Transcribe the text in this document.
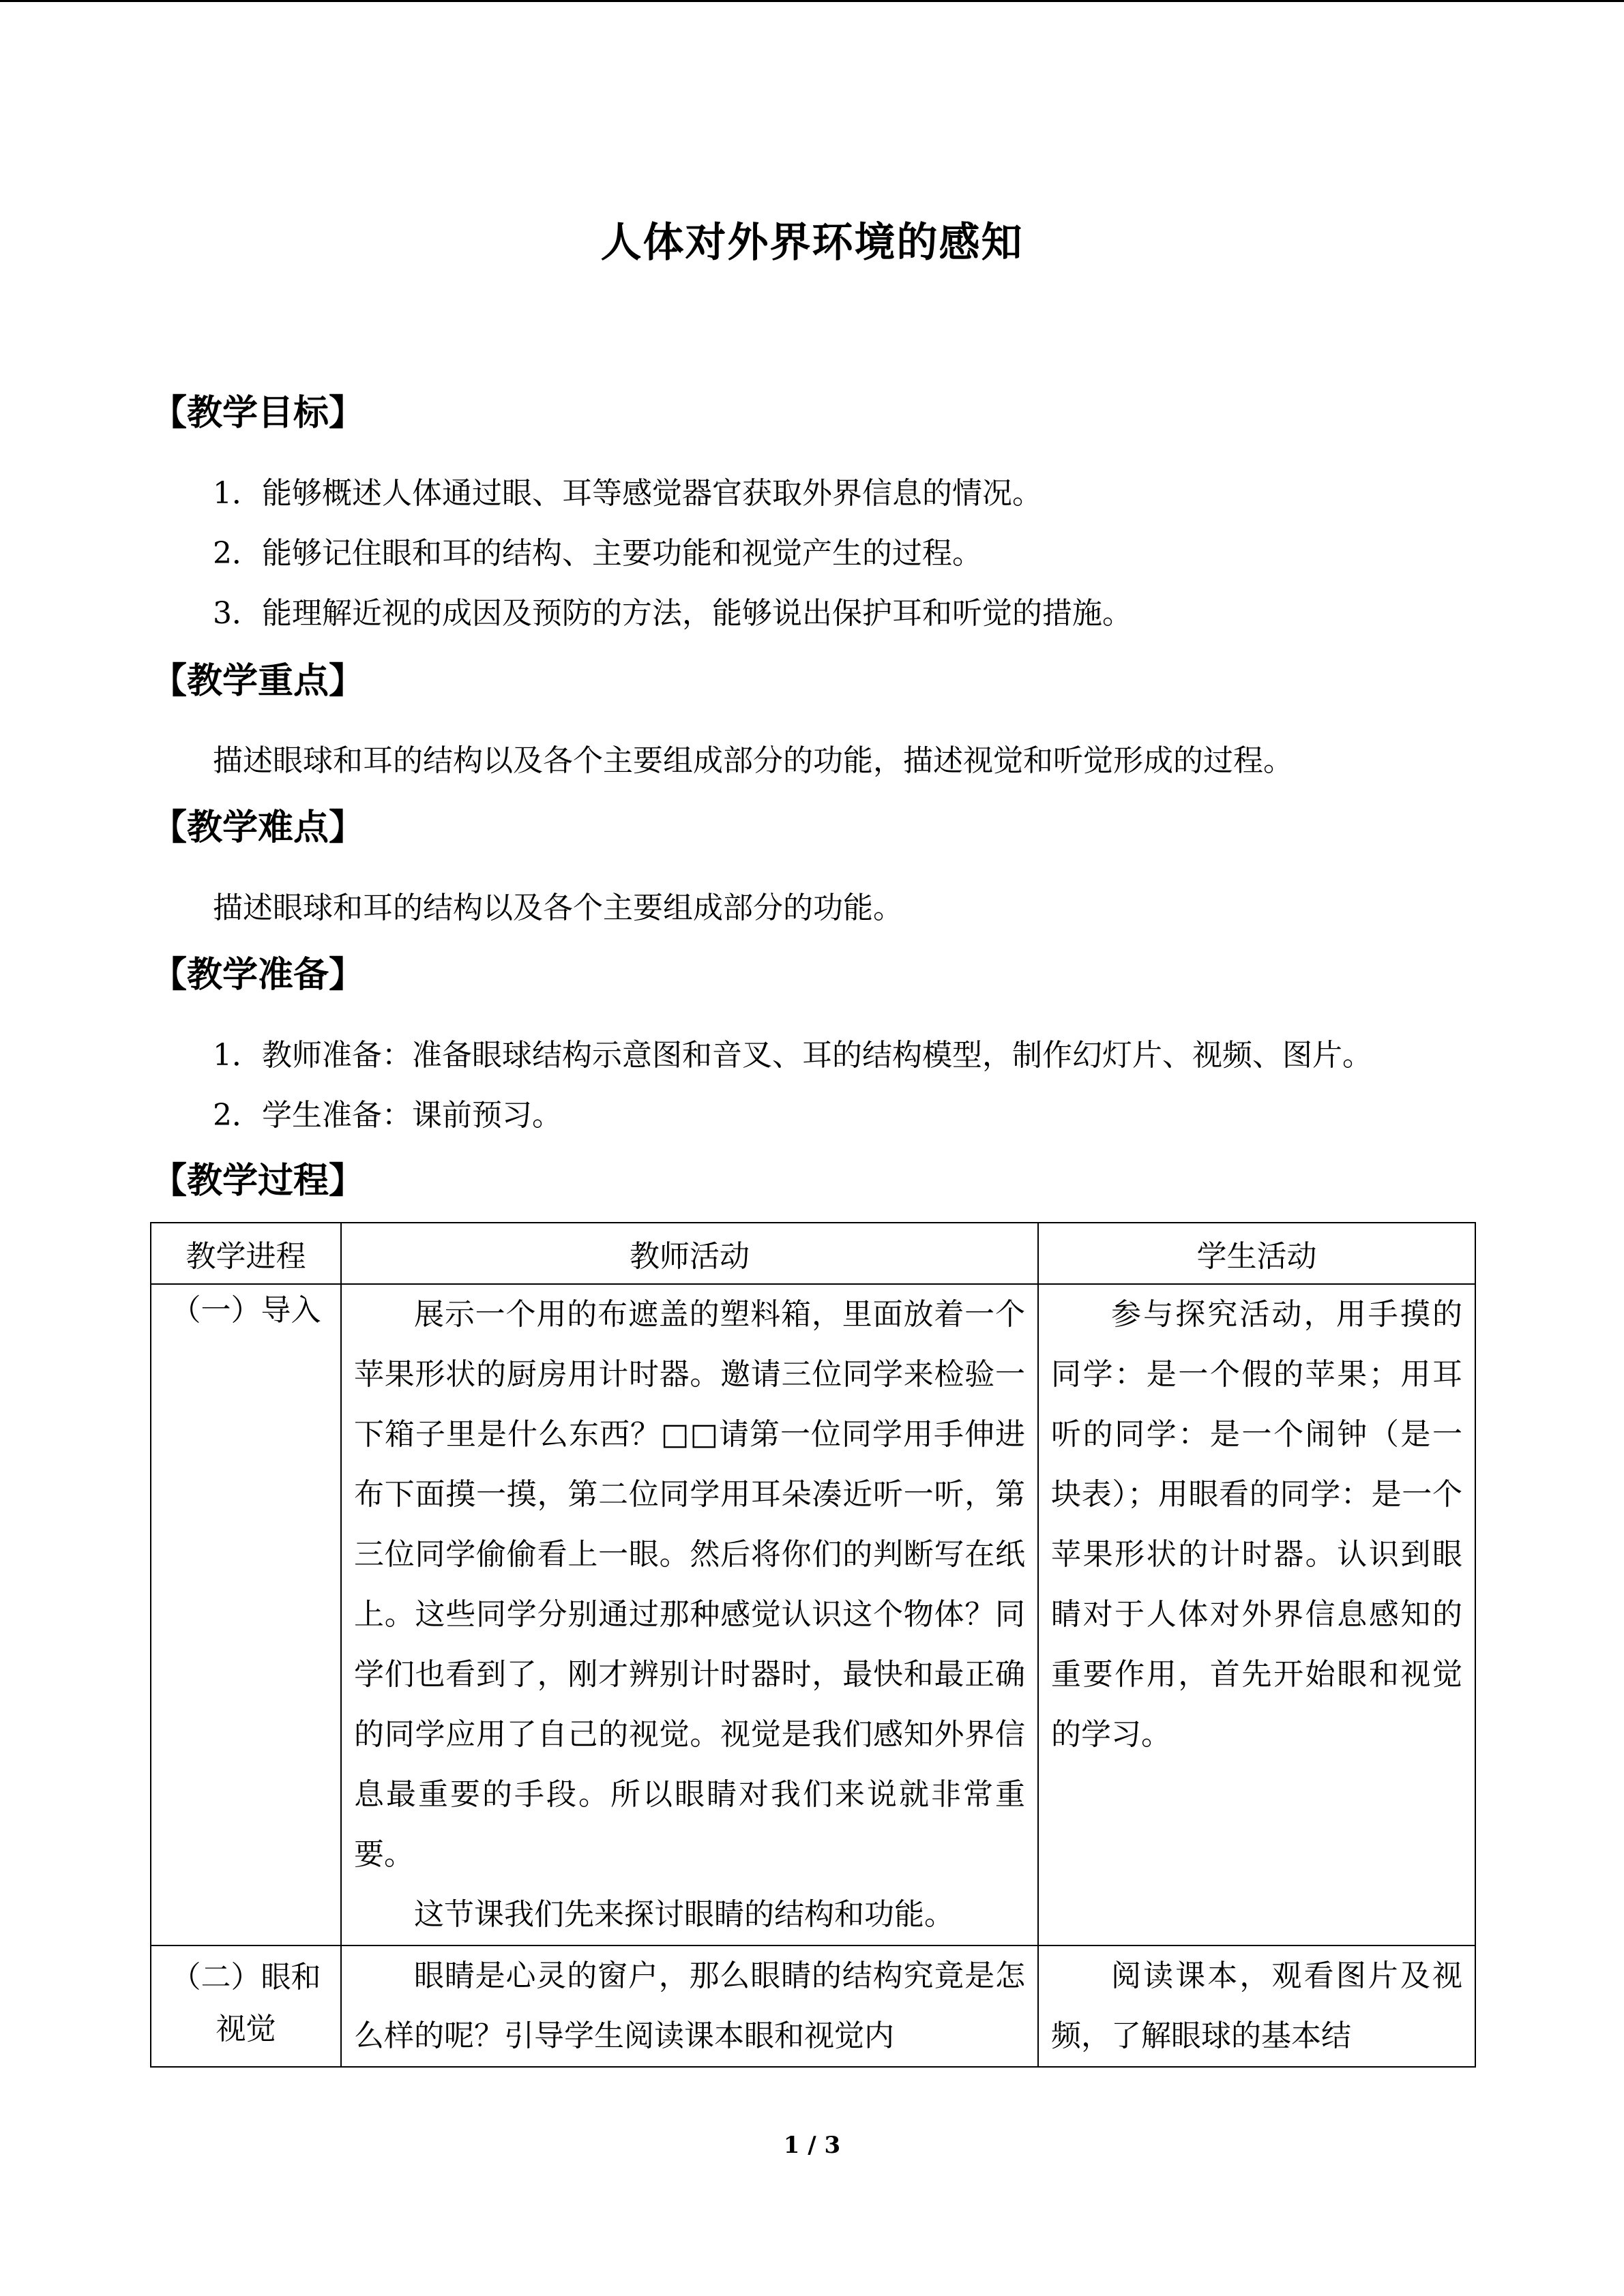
人体对外界环境的感知
【教学目标】
1．能够概述人体通过眼、耳等感觉器官获取外界信息的情况。
2．能够记住眼和耳的结构、主要功能和视觉产生的过程。
3．能理解近视的成因及预防的方法，能够说出保护耳和听觉的措施。
【教学重点】
描述眼球和耳的结构以及各个主要组成部分的功能，描述视觉和听觉形成的过程。
【教学难点】
描述眼球和耳的结构以及各个主要组成部分的功能。
【教学准备】
1．教师准备：准备眼球结构示意图和音叉、耳的结构模型，制作幻灯片、视频、图片。
2．学生准备：课前预习。
【教学过程】
教学进程	教师活动	学生活动
（一）导入	展示一个用的布遮盖的塑料箱，里面放着一个苹果形状的厨房用计时器。邀请三位同学来检验一下箱子里是什么东西？□□请第一位同学用手伸进布下面摸一摸，第二位同学用耳朵凑近听一听，第三位同学偷偷看上一眼。然后将你们的判断写在纸上。这些同学分别通过那种感觉认识这个物体？同学们也看到了，刚才辨别计时器时，最快和最正确的同学应用了自己的视觉。视觉是我们感知外界信息最重要的手段。所以眼睛对我们来说就非常重要。
这节课我们先来探讨眼睛的结构和功能。	参与探究活动，用手摸的同学：是一个假的苹果；用耳听的同学：是一个闹钟（是一块表）；用眼看的同学：是一个苹果形状的计时器。认识到眼睛对于人体对外界信息感知的重要作用，首先开始眼和视觉的学习。

（二）眼和视觉	眼睛是心灵的窗户，那么眼睛的结构究竟是怎么样的呢？引导学生阅读课本眼和视觉内	阅读课本，观看图片及视频，了解眼球的基本结
1 / 3
